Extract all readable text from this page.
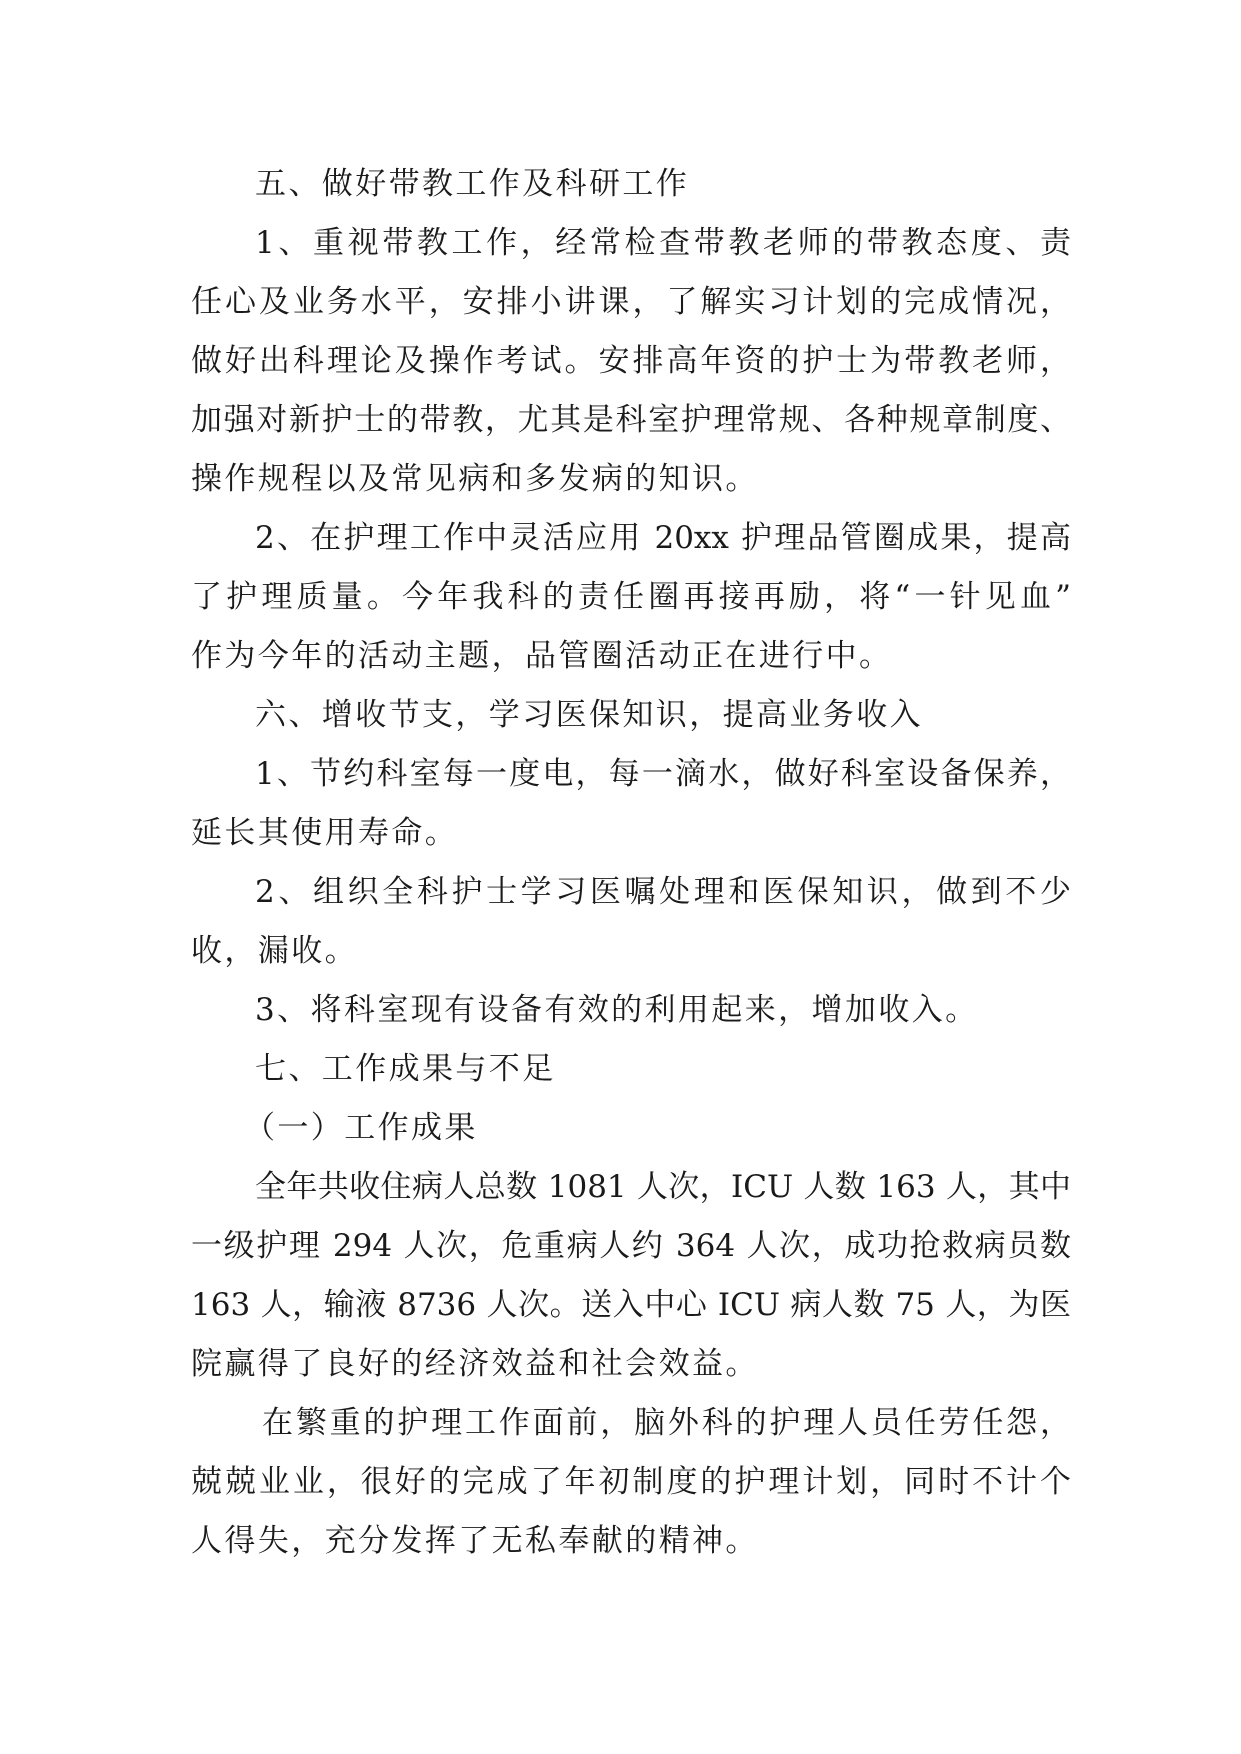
五、做好带教工作及科研工作
1、重视带教工作，经常检查带教老师的带教态度、责
任心及业务水平，安排小讲课，了解实习计划的完成情况，
做好出科理论及操作考试。安排高年资的护士为带教老师，
加强对新护士的带教，尤其是科室护理常规、各种规章制度、
操作规程以及常见病和多发病的知识。
2、在护理工作中灵活应用 20xx 护理品管圈成果，提高
了护理质量。今年我科的责任圈再接再励，将“一针见血”
作为今年的活动主题，品管圈活动正在进行中。
六、增收节支，学习医保知识，提高业务收入
1、节约科室每一度电，每一滴水，做好科室设备保养，
延长其使用寿命。
2、组织全科护士学习医嘱处理和医保知识，做到不少
收，漏收。
3、将科室现有设备有效的利用起来，增加收入。
七、工作成果与不足
（一）工作成果
全年共收住病人总数 1081 人次，ICU 人数 163 人，其中
一级护理 294 人次，危重病人约 364 人次，成功抢救病员数
163 人，输液 8736 人次。送入中心 ICU 病人数 75 人，为医
院赢得了良好的经济效益和社会效益。
在繁重的护理工作面前，脑外科的护理人员任劳任怨，
兢兢业业，很好的完成了年初制度的护理计划，同时不计个
人得失，充分发挥了无私奉献的精神。
